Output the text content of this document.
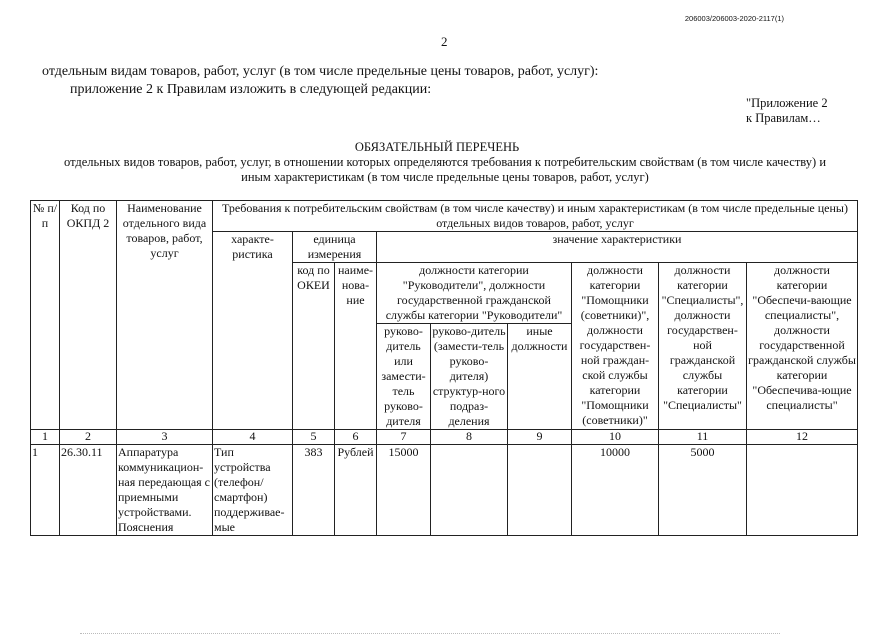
206003/206003-2020-2117(1)
2
отдельным видам товаров, работ, услуг (в том числе предельные цены товаров, работ, услуг):
приложение 2 к Правилам изложить в следующей редакции:
"Приложение 2
к Правилам…
ОБЯЗАТЕЛЬНЫЙ ПЕРЕЧЕНЬ
отдельных видов товаров, работ, услуг, в отношении которых определяются требования к потребительским свойствам (в том числе качеству) и иным характеристикам (в том числе предельные цены товаров, работ, услуг)
№ п/п	Код по ОКПД 2	Наименование отдельного вида товаров, работ, услуг	Требования к потребительским свойствам (в том числе качеству) и иным характеристикам (в том числе предельные цены) отдельных видов товаров, работ, услуг								
			характе-ристика	единица измерения		значение характеристики					
				код по ОКЕИ	наиме-нова-ние	должности категории "Руководители", должности государственной гражданской службы категории "Руководители"			должности категории "Помощники (советники)", должности государствен-ной граждан-ской службы категории "Помощники (советники)"	должности категории "Специалисты", должности государствен-ной гражданской службы категории "Специалисты"	должности категории "Обеспечи-вающие специалисты", должности государственной гражданской службы категории "Обеспечива-ющие специалисты"
						руково-дитель или замести-тель руково-дителя	руково-дитель (замести-тель руково-дителя) структур-ного подраз-деления	иные должности			
1	2	3	4	5	6	7	8	9	10	11	12
1	26.30.11	Аппаратура коммуникацион-ная передающая с приемными устройствами. Пояснения	Тип устройства (телефон/ смартфон) поддерживае-мые	383	Рублей	15000			10000	5000	
